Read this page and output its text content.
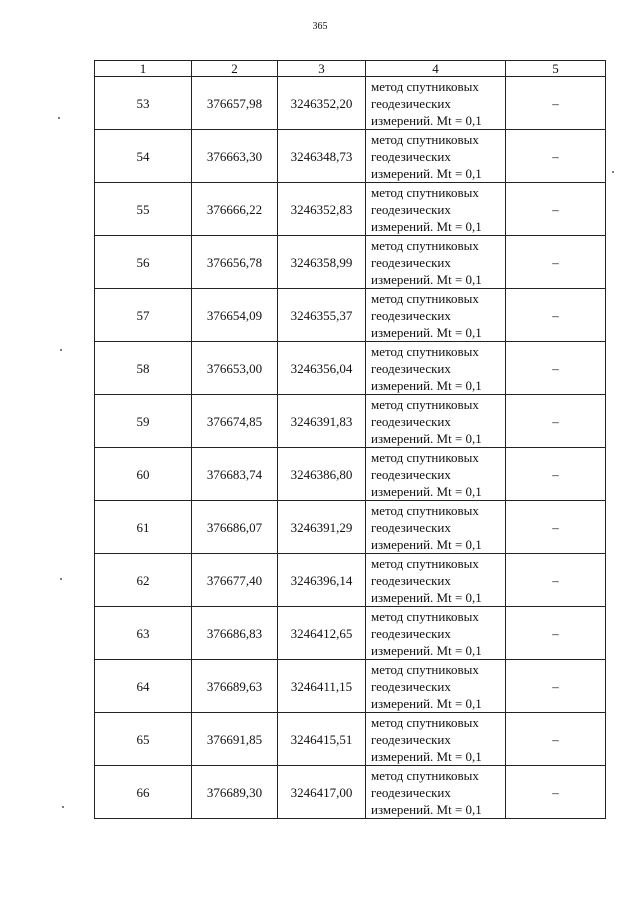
365
1	2	3	4	5
53	376657,98	3246352,20	метод спутниковых
геодезических
измерений. Mt = 0,1	–
54	376663,30	3246348,73	метод спутниковых
геодезических
измерений. Mt = 0,1	–
55	376666,22	3246352,83	метод спутниковых
геодезических
измерений. Mt = 0,1	–
56	376656,78	3246358,99	метод спутниковых
геодезических
измерений. Mt = 0,1	–
57	376654,09	3246355,37	метод спутниковых
геодезических
измерений. Mt = 0,1	–
58	376653,00	3246356,04	метод спутниковых
геодезических
измерений. Mt = 0,1	–
59	376674,85	3246391,83	метод спутниковых
геодезических
измерений. Mt = 0,1	–
60	376683,74	3246386,80	метод спутниковых
геодезических
измерений. Mt = 0,1	–
61	376686,07	3246391,29	метод спутниковых
геодезических
измерений. Mt = 0,1	–
62	376677,40	3246396,14	метод спутниковых
геодезических
измерений. Mt = 0,1	–
63	376686,83	3246412,65	метод спутниковых
геодезических
измерений. Mt = 0,1	–
64	376689,63	3246411,15	метод спутниковых
геодезических
измерений. Mt = 0,1	–
65	376691,85	3246415,51	метод спутниковых
геодезических
измерений. Mt = 0,1	–
66	376689,30	3246417,00	метод спутниковых
геодезических
измерений. Mt = 0,1	–
